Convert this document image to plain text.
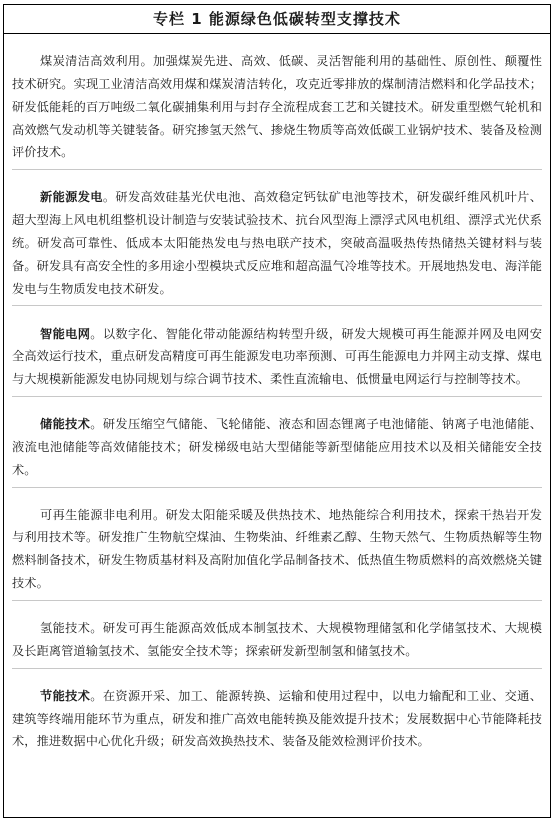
专栏 1 能源绿色低碳转型支撑技术

煤炭清洁高效利用。加强煤炭先进、高效、低碳、灵活智能利用的基础性、原创性、颠覆性技术研究。实现工业清洁高效用煤和煤炭清洁转化，攻克近零排放的煤制清洁燃料和化学品技术；研发低能耗的百万吨级二氧化碳捕集利用与封存全流程成套工艺和关键技术。研发重型燃气轮机和高效燃气发动机等关键装备。研究掺氢天然气、掺烧生物质等高效低碳工业锅炉技术、装备及检测评价技术。

新能源发电。研发高效硅基光伏电池、高效稳定钙钛矿电池等技术，研发碳纤维风机叶片、超大型海上风电机组整机设计制造与安装试验技术、抗台风型海上漂浮式风电机组、漂浮式光伏系统。研发高可靠性、低成本太阳能热发电与热电联产技术，突破高温吸热传热储热关键材料与装备。研发具有高安全性的多用途小型模块式反应堆和超高温气冷堆等技术。开展地热发电、海洋能发电与生物质发电技术研发。

智能电网。以数字化、智能化带动能源结构转型升级，研发大规模可再生能源并网及电网安全高效运行技术，重点研发高精度可再生能源发电功率预测、可再生能源电力并网主动支撑、煤电与大规模新能源发电协同规划与综合调节技术、柔性直流输电、低惯量电网运行与控制等技术。

储能技术。研发压缩空气储能、飞轮储能、液态和固态锂离子电池储能、钠离子电池储能、液流电池储能等高效储能技术；研发梯级电站大型储能等新型储能应用技术以及相关储能安全技术。

可再生能源非电利用。研发太阳能采暖及供热技术、地热能综合利用技术，探索干热岩开发与利用技术等。研发推广生物航空煤油、生物柴油、纤维素乙醇、生物天然气、生物质热解等生物燃料制备技术，研发生物质基材料及高附加值化学品制备技术、低热值生物质燃料的高效燃烧关键技术。

氢能技术。研发可再生能源高效低成本制氢技术、大规模物理储氢和化学储氢技术、大规模及长距离管道输氢技术、氢能安全技术等；探索研发新型制氢和储氢技术。

节能技术。在资源开采、加工、能源转换、运输和使用过程中，以电力输配和工业、交通、建筑等终端用能环节为重点，研发和推广高效电能转换及能效提升技术；发展数据中心节能降耗技术，推进数据中心优化升级；研发高效换热技术、装备及能效检测评价技术。
